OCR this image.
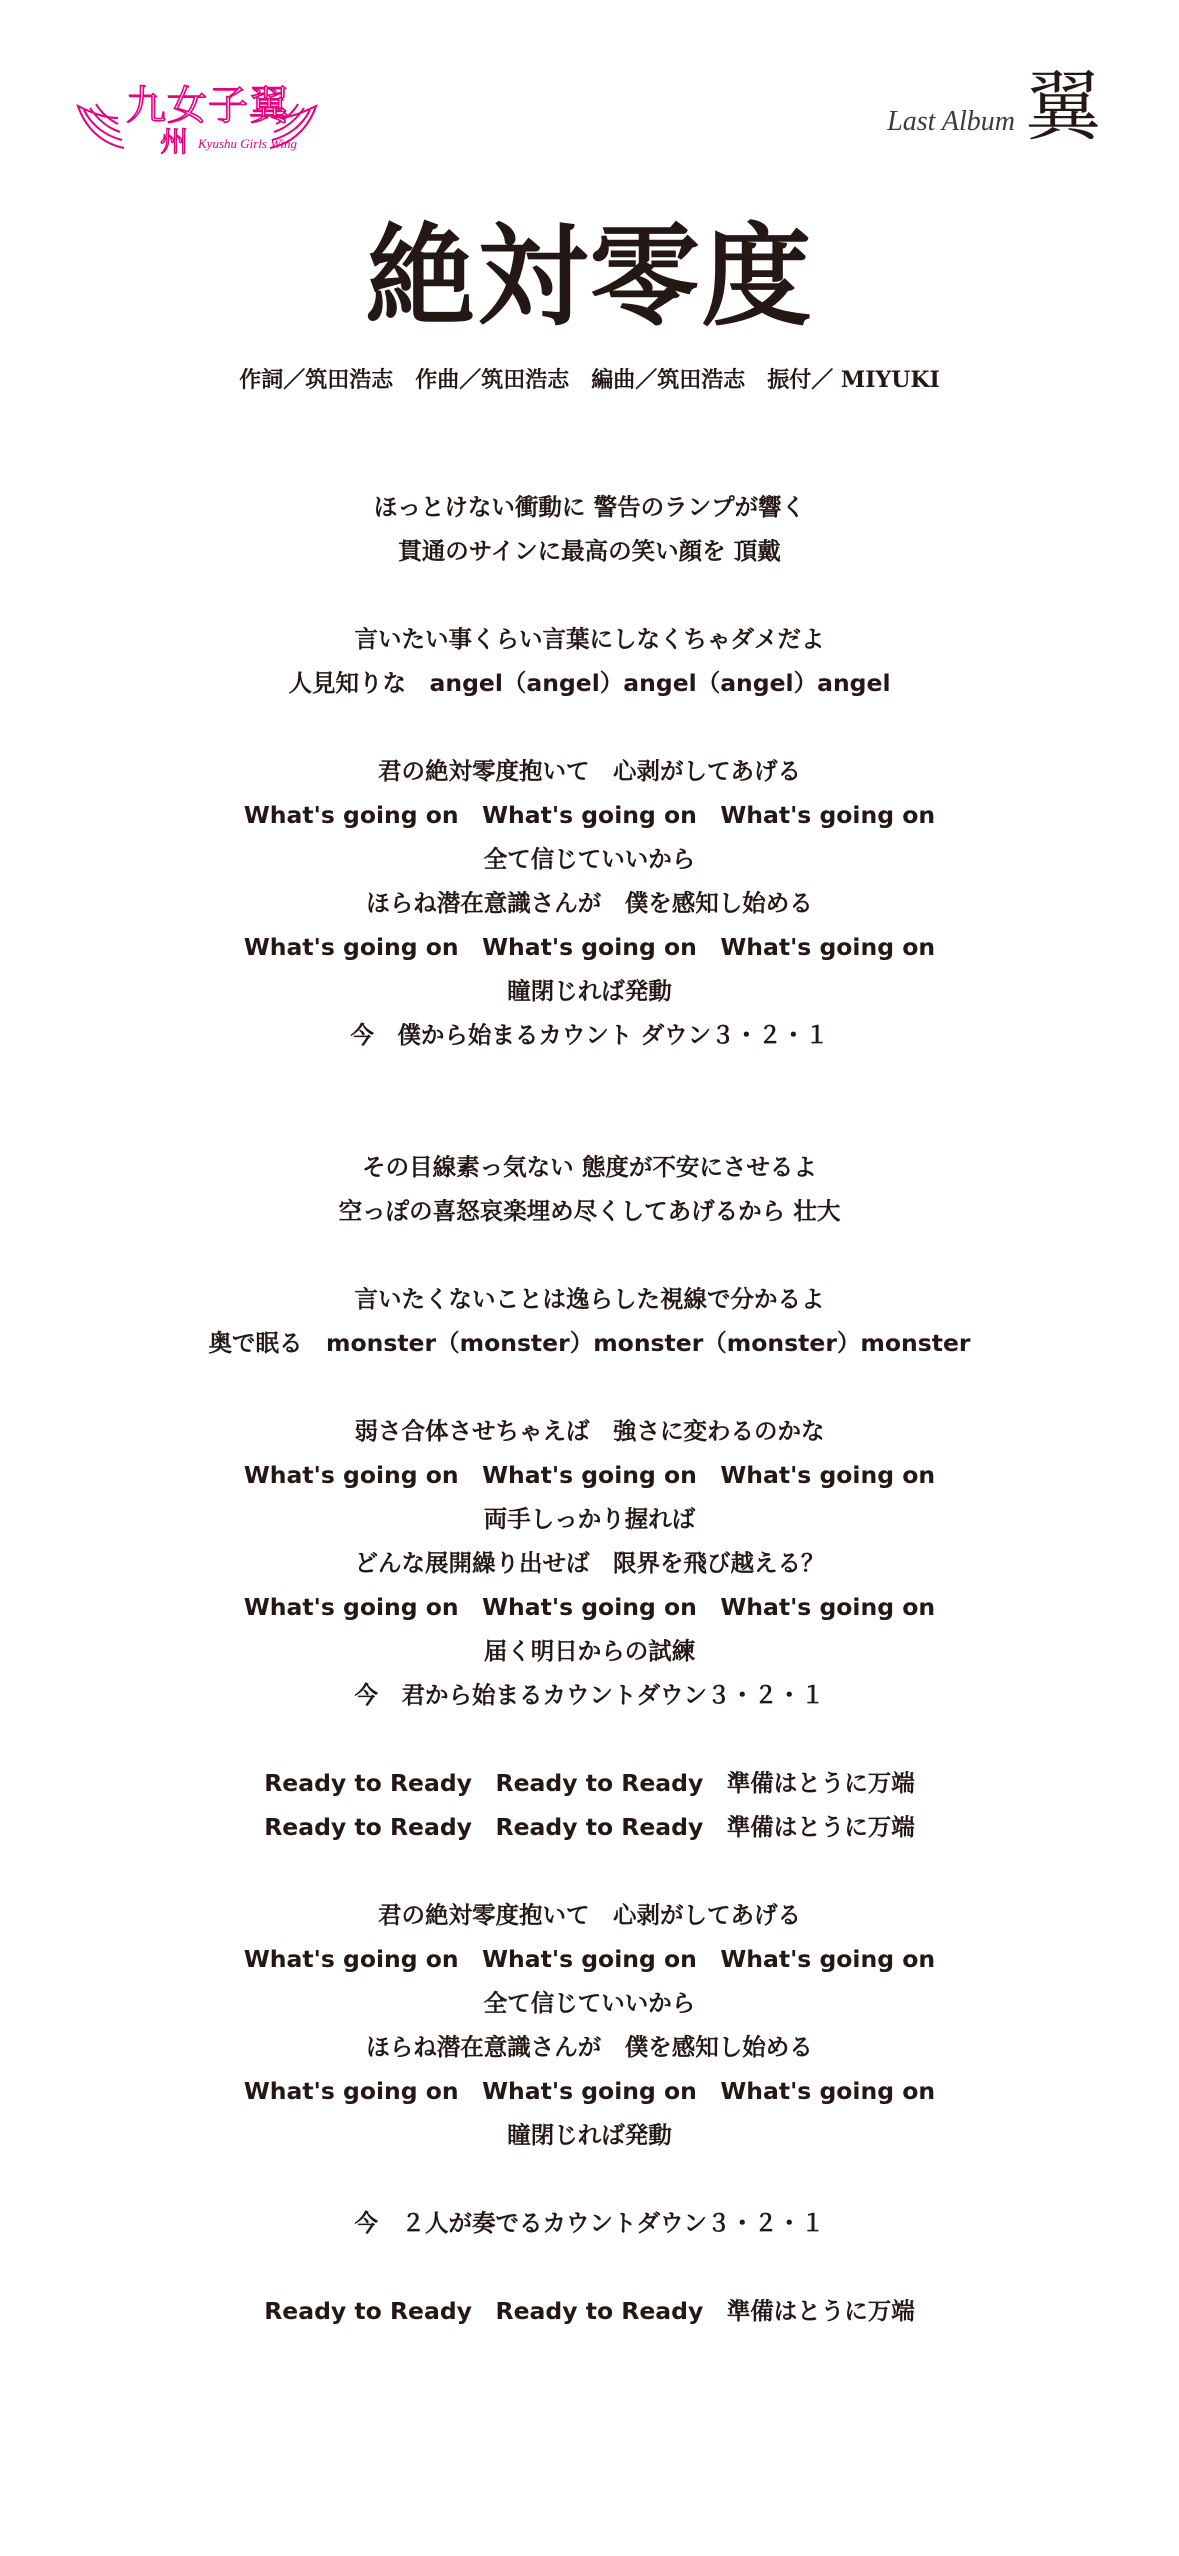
九女子翼
州 Kyushu Girls Wing
Last Album 翼
絶対零度
作詞／筑田浩志　作曲／筑田浩志　編曲／筑田浩志　振付／ MIYUKI
ほっとけない衝動に 警告のランプが響く
貫通のサインに最高の笑い顔を 頂戴
言いたい事くらい言葉にしなくちゃダメだよ
人見知りな　angel（angel）angel（angel）angel
君の絶対零度抱いて　心剥がしてあげる
What's going on　What's going on　What's going on
全て信じていいから
ほらね潜在意識さんが　僕を感知し始める
What's going on　What's going on　What's going on
瞳閉じれば発動
今　僕から始まるカウント ダウン３・２・１
その目線素っ気ない 態度が不安にさせるよ
空っぽの喜怒哀楽埋め尽くしてあげるから 壮大
言いたくないことは逸らした視線で分かるよ
奥で眠る　monster（monster）monster（monster）monster
弱さ合体させちゃえば　強さに変わるのかな
What's going on　What's going on　What's going on
両手しっかり握れば
どんな展開繰り出せば　限界を飛び越える？
What's going on　What's going on　What's going on
届く明日からの試練
今　君から始まるカウントダウン３・２・１
Ready to Ready　Ready to Ready　準備はとうに万端
Ready to Ready　Ready to Ready　準備はとうに万端
君の絶対零度抱いて　心剥がしてあげる
What's going on　What's going on　What's going on
全て信じていいから
ほらね潜在意識さんが　僕を感知し始める
What's going on　What's going on　What's going on
瞳閉じれば発動
今　２人が奏でるカウントダウン３・２・１
Ready to Ready　Ready to Ready　準備はとうに万端
